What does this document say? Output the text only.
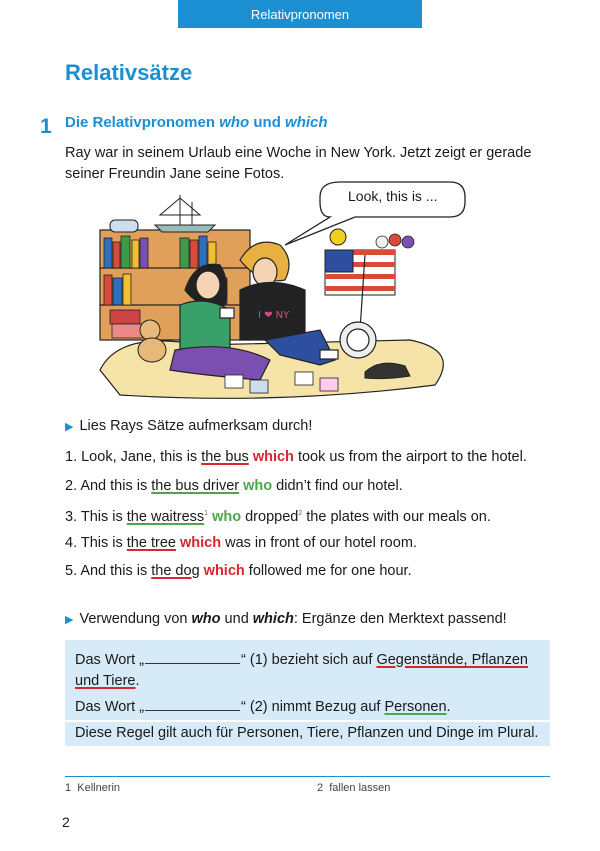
Relativpronomen
Relativsätze
1 Die Relativpronomen who und which

Ray war in seinem Urlaub eine Woche in New York. Jetzt zeigt er gerade seiner Freundin Jane seine Fotos.

I ❤ NY
Look, this is ...
▶ Lies Rays Sätze aufmerksam durch!
1. Look, Jane, this is the bus which took us from the airport to the hotel.
2. And this is the bus driver who didn’t find our hotel.
3. This is the waitress$^1$ who dropped$^2$ the plates with our meals on.
4. This is the tree which was in front of our hotel room.
5. And this is the dog which followed me for one hour.
▶ Verwendung von who und which: Ergänze den Merktext passend!
Das Wort „	“ (1) bezieht sich auf Gegenstände, Pflanzen
und Tiere.
Das Wort „	“ (2) nimmt Bezug auf Personen.
Diese Regel gilt auch für Personen, Tiere, Pflanzen und Dinge im Plural.
1 Kellnerin	2 fallen lassen
2
